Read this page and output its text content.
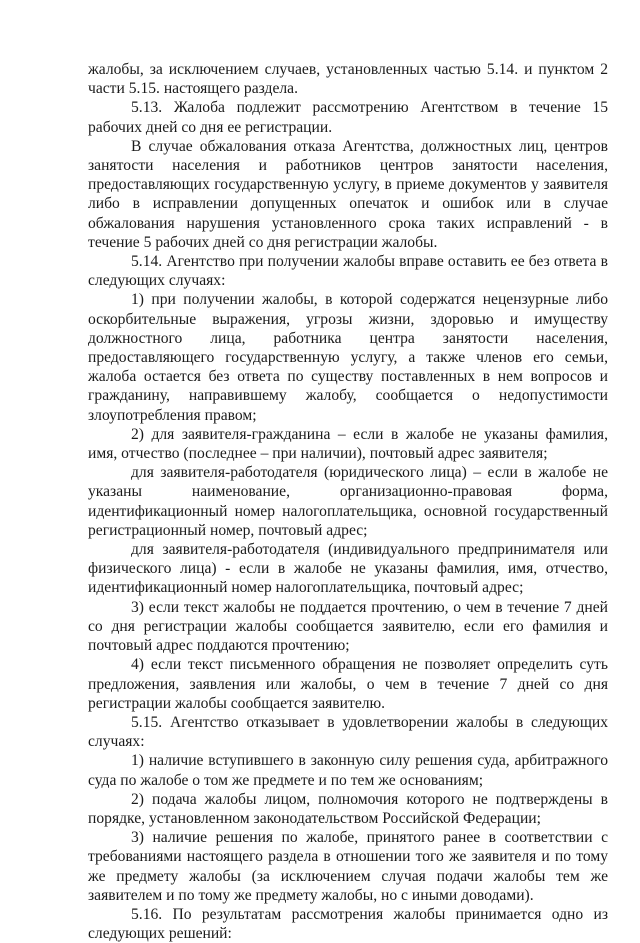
жалобы, за исключением случаев, установленных частью 5.14. и пунктом 2 части 5.15. настоящего раздела.

5.13. Жалоба подлежит рассмотрению Агентством в течение 15 рабочих дней со дня ее регистрации.

В случае обжалования отказа Агентства, должностных лиц, центров занятости населения и работников центров занятости населения, предоставляющих государственную услугу, в приеме документов у заявителя либо в исправлении допущенных опечаток и ошибок или в случае обжалования нарушения установленного срока таких исправлений - в течение 5 рабочих дней со дня регистрации жалобы.

5.14. Агентство при получении жалобы вправе оставить ее без ответа в следующих случаях:

1) при получении жалобы, в которой содержатся нецензурные либо оскорбительные выражения, угрозы жизни, здоровью и имуществу должностного лица, работника центра занятости населения, предоставляющего государственную услугу, а также членов его семьи, жалоба остается без ответа по существу поставленных в нем вопросов и гражданину, направившему жалобу, сообщается о недопустимости злоупотребления правом;

2) для заявителя-гражданина – если в жалобе не указаны фамилия, имя, отчество (последнее – при наличии), почтовый адрес заявителя;

для заявителя-работодателя (юридического лица) – если в жалобе не указаны наименование, организационно-правовая форма, идентификационный номер налогоплательщика, основной государственный регистрационный номер, почтовый адрес;

для заявителя-работодателя (индивидуального предпринимателя или физического лица) - если в жалобе не указаны фамилия, имя, отчество, идентификационный номер налогоплательщика, почтовый адрес;

3) если текст жалобы не поддается прочтению, о чем в течение 7 дней со дня регистрации жалобы сообщается заявителю, если его фамилия и почтовый адрес поддаются прочтению;

4) если текст письменного обращения не позволяет определить суть предложения, заявления или жалобы, о чем в течение 7 дней со дня регистрации жалобы сообщается заявителю.

5.15. Агентство отказывает в удовлетворении жалобы в следующих случаях:

1) наличие вступившего в законную силу решения суда, арбитражного суда по жалобе о том же предмете и по тем же основаниям;

2) подача жалобы лицом, полномочия которого не подтверждены в порядке, установленном законодательством Российской Федерации;

3) наличие решения по жалобе, принятого ранее в соответствии с требованиями настоящего раздела в отношении того же заявителя и по тому же предмету жалобы (за исключением случая подачи жалобы тем же заявителем и по тому же предмету жалобы, но с иными доводами).

5.16. По результатам рассмотрения жалобы принимается одно из следующих решений:
